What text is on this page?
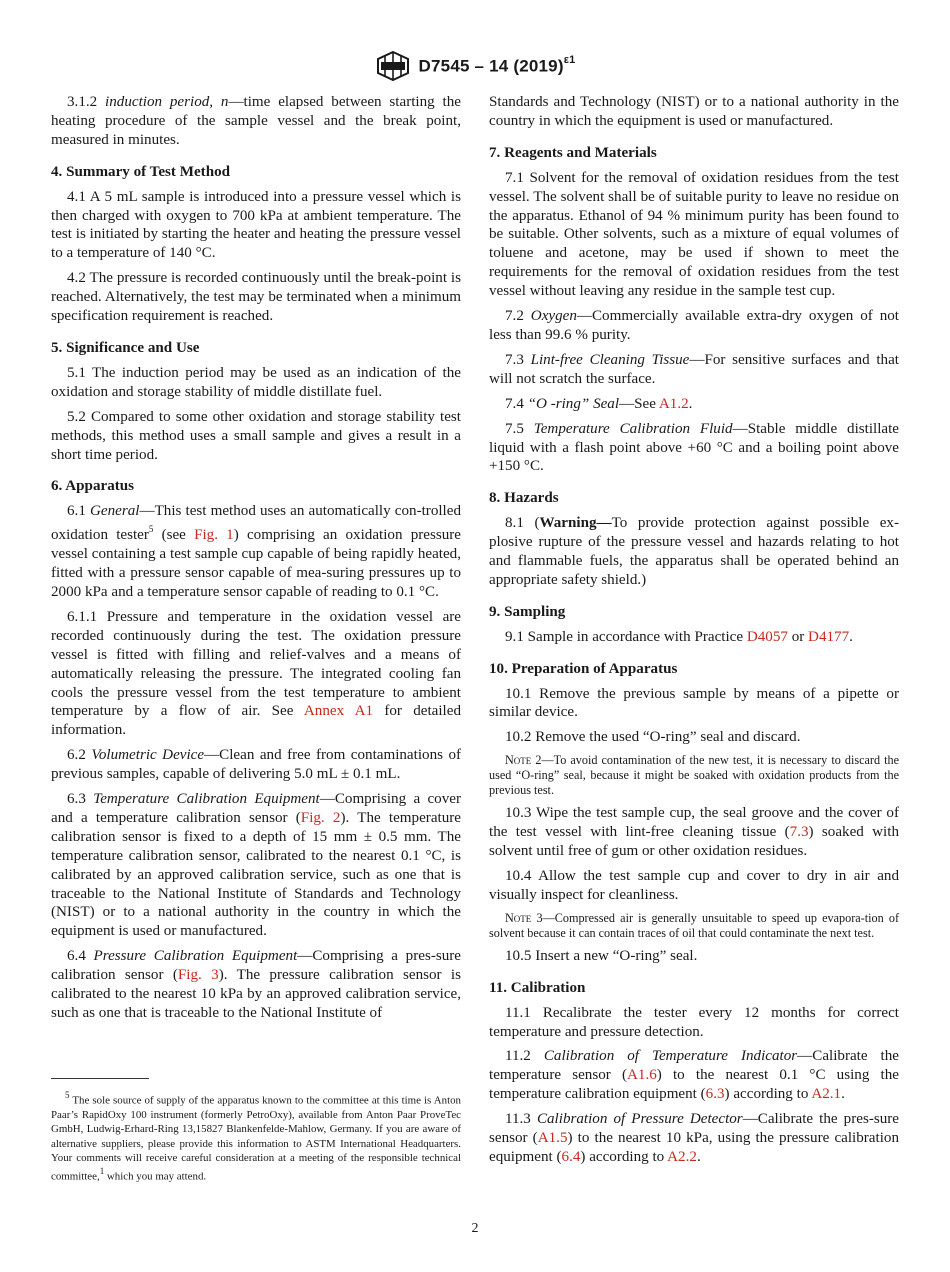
D7545 – 14 $(2019)^{\varepsilon 1}$

3.1.2 induction period, n—time elapsed between starting the heating procedure of the sample vessel and the break point, measured in minutes.

4. Summary of Test Method

4.1 A 5 mL sample is introduced into a pressure vessel which is then charged with oxygen to 700 kPa at ambient temperature. The test is initiated by starting the heater and heating the pressure vessel to a temperature of 140 °C.

4.2 The pressure is recorded continuously until the break-point is reached. Alternatively, the test may be terminated when a minimum specification requirement is reached.

5. Significance and Use

5.1 The induction period may be used as an indication of the oxidation and storage stability of middle distillate fuel.

5.2 Compared to some other oxidation and storage stability test methods, this method uses a small sample and gives a result in a short time period.

6. Apparatus

6.1 General—This test method uses an automatically con-trolled oxidation tester$^5$ (see Fig. 1) comprising an oxidation pressure vessel containing a test sample cup capable of being rapidly heated, fitted with a pressure sensor capable of mea-suring pressures up to 2000 kPa and a temperature sensor capable of reading to 0.1 °C.

6.1.1 Pressure and temperature in the oxidation vessel are recorded continuously during the test. The oxidation pressure vessel is fitted with filling and relief-valves and a means of automatically releasing the pressure. The integrated cooling fan cools the pressure vessel from the test temperature to ambient temperature by a flow of air. See Annex A1 for detailed information.

6.2 Volumetric Device—Clean and free from contaminations of previous samples, capable of delivering 5.0 mL ± 0.1 mL.

6.3 Temperature Calibration Equipment—Comprising a cover and a temperature calibration sensor (Fig. 2). The temperature calibration sensor is fixed to a depth of 15 mm ± 0.5 mm. The temperature calibration sensor, calibrated to the nearest 0.1 °C, is calibrated by an approved calibration service, such as one that is traceable to the National Institute of Standards and Technology (NIST) or to a national authority in the country in which the equipment is used or manufactured.

6.4 Pressure Calibration Equipment—Comprising a pres-sure calibration sensor (Fig. 3). The pressure calibration sensor is calibrated to the nearest 10 kPa by an approved calibration service, such as one that is traceable to the National Institute of

$^5$ The sole source of supply of the apparatus known to the committee at this time is Anton Paar’s RapidOxy 100 instrument (formerly PetroOxy), available from Anton Paar ProveTec GmbH, Ludwig-Erhard-Ring 13,15827 Blankenfelde-Mahlow, Germany. If you are aware of alternative suppliers, please provide this information to ASTM International Headquarters. Your comments will receive careful consideration at a meeting of the responsible technical committee,$^1$ which you may attend.

Standards and Technology (NIST) or to a national authority in the country in which the equipment is used or manufactured.

7. Reagents and Materials

7.1 Solvent for the removal of oxidation residues from the test vessel. The solvent shall be of suitable purity to leave no residue on the apparatus. Ethanol of 94 % minimum purity has been found to be suitable. Other solvents, such as a mixture of equal volumes of toluene and acetone, may be used if shown to meet the requirements for the removal of oxidation residues from the test vessel without leaving any residue in the sample test cup.

7.2 Oxygen—Commercially available extra-dry oxygen of not less than 99.6 % purity.

7.3 Lint-free Cleaning Tissue—For sensitive surfaces and that will not scratch the surface.

7.4 “O -ring” Seal—See A1.2.

7.5 Temperature Calibration Fluid—Stable middle distillate liquid with a flash point above +60 °C and a boiling point above +150 °C.

8. Hazards

8.1 (Warning—To provide protection against possible ex-plosive rupture of the pressure vessel and hazards relating to hot and flammable fuels, the apparatus shall be operated behind an appropriate safety shield.)

9. Sampling

9.1 Sample in accordance with Practice D4057 or D4177.

10. Preparation of Apparatus

10.1 Remove the previous sample by means of a pipette or similar device.

10.2 Remove the used “O-ring” seal and discard.

Note 2—To avoid contamination of the new test, it is necessary to discard the used “O-ring” seal, because it might be soaked with oxidation products from the previous test.

10.3 Wipe the test sample cup, the seal groove and the cover of the test vessel with lint-free cleaning tissue (7.3) soaked with solvent until free of gum or other oxidation residues.

10.4 Allow the test sample cup and cover to dry in air and visually inspect for cleanliness.

Note 3—Compressed air is generally unsuitable to speed up evapora-tion of solvent because it can contain traces of oil that could contaminate the next test.

10.5 Insert a new “O-ring” seal.

11. Calibration

11.1 Recalibrate the tester every 12 months for correct temperature and pressure detection.

11.2 Calibration of Temperature Indicator—Calibrate the temperature sensor (A1.6) to the nearest 0.1 °C using the temperature calibration equipment (6.3) according to A2.1.

11.3 Calibration of Pressure Detector—Calibrate the pres-sure sensor (A1.5) to the nearest 10 kPa, using the pressure calibration equipment (6.4) according to A2.2.

2
